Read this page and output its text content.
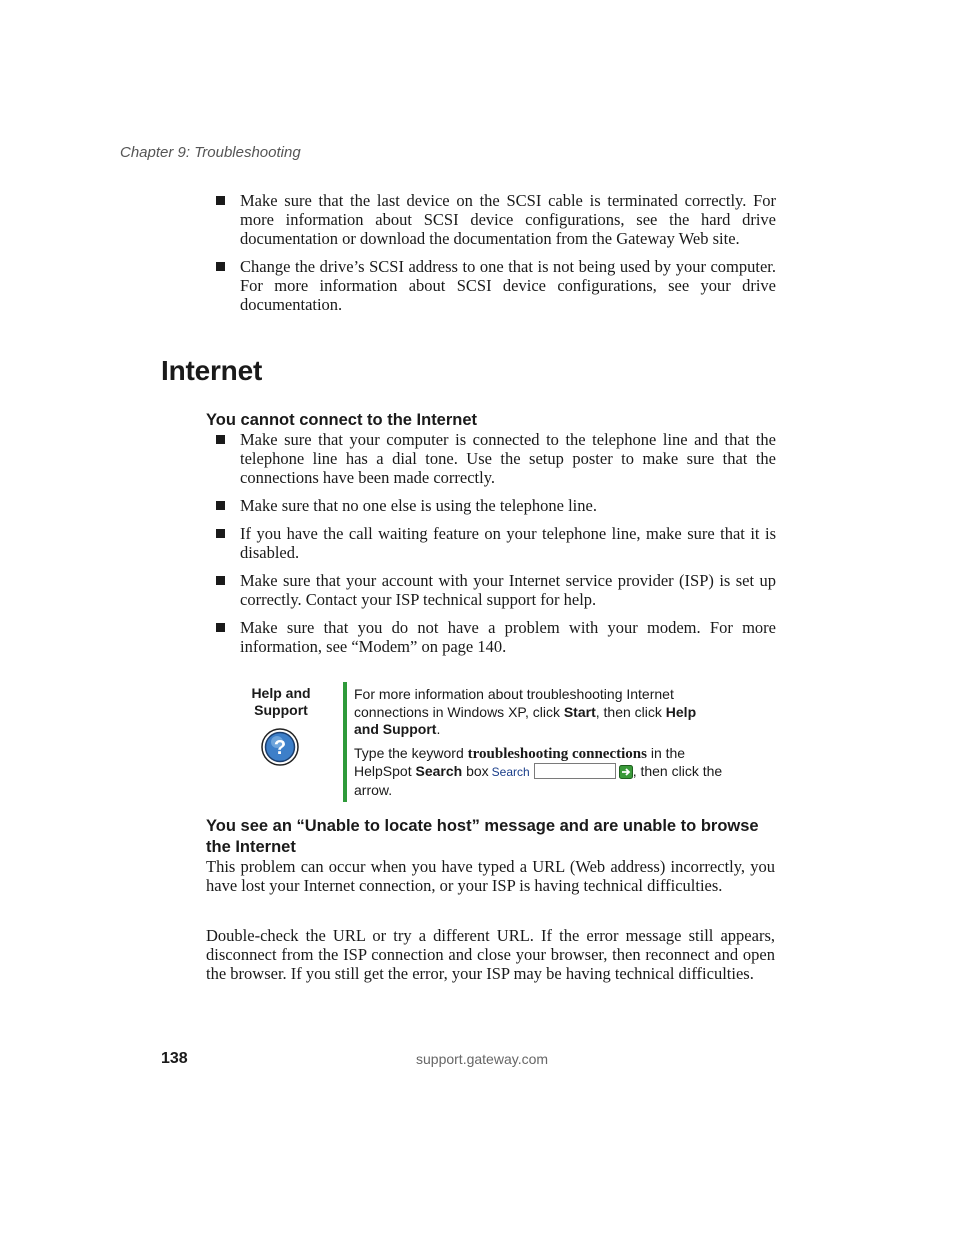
Chapter 9: Troubleshooting
Make sure that the last device on the SCSI cable is terminated correctly. For more information about SCSI device configurations, see the hard drive documentation or download the documentation from the Gateway Web site.
Change the drive’s SCSI address to one that is not being used by your computer. For more information about SCSI device configurations, see your drive documentation.
Internet
You cannot connect to the Internet
Make sure that your computer is connected to the telephone line and that the telephone line has a dial tone. Use the setup poster to make sure that the connections have been made correctly.
Make sure that no one else is using the telephone line.
If you have the call waiting feature on your telephone line, make sure that it is disabled.
Make sure that your account with your Internet service provider (ISP) is set up correctly. Contact your ISP technical support for help.
Make sure that you do not have a problem with your modem. For more information, see “Modem” on page 140.
Help and
Support
?

For more information about troubleshooting Internet connections in Windows XP, click Start, then click Help and Support.

Type the keyword troubleshooting connections in the HelpSpot Search box Search	, then click the arrow.

You see an “Unable to locate host” message and are unable to browse the Internet

This problem can occur when you have typed a URL (Web address) incorrectly, you have lost your Internet connection, or your ISP is having technical difficulties.

Double-check the URL or try a different URL. If the error message still appears, disconnect from the ISP connection and close your browser, then reconnect and open the browser. If you still get the error, your ISP may be having technical difficulties.

138	support.gateway.com
